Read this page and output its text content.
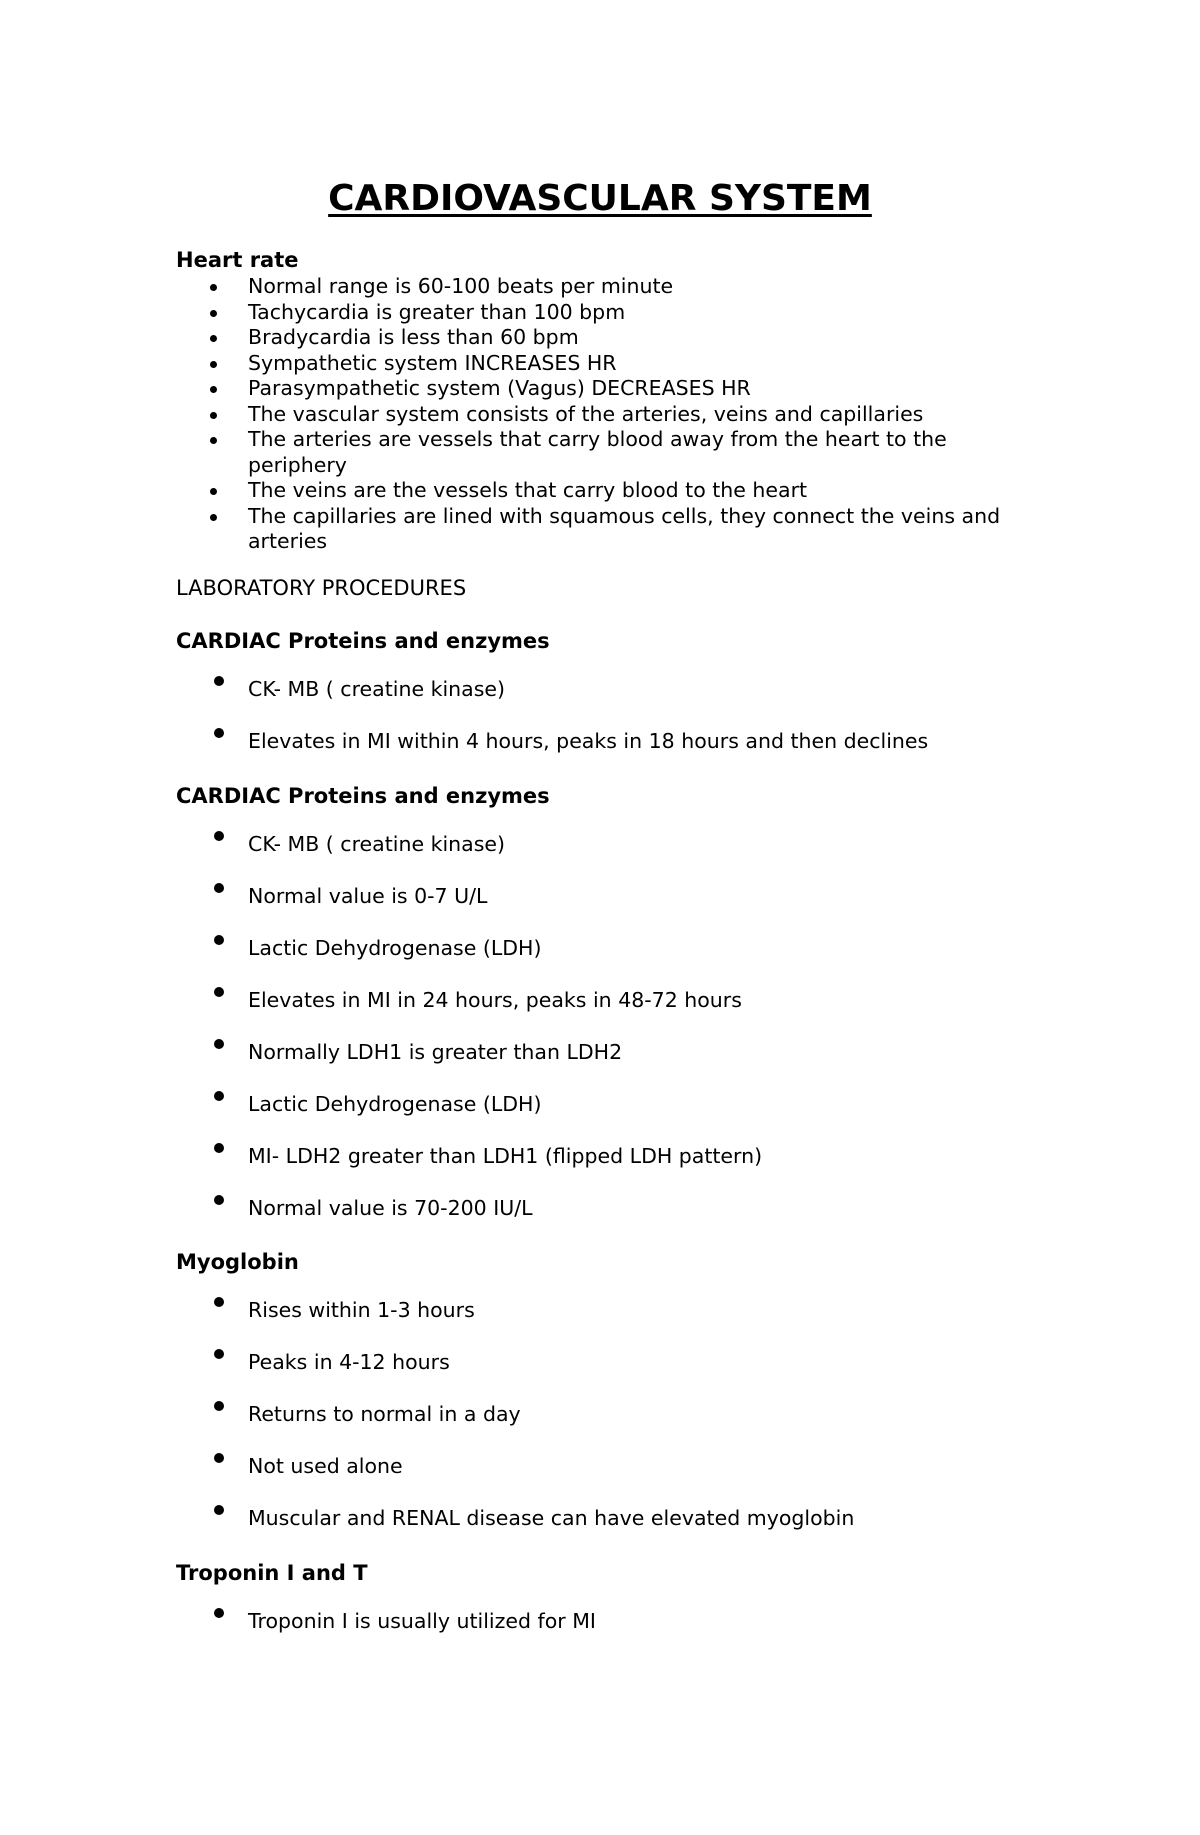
CARDIOVASCULAR SYSTEM
Heart rate
Normal range is 60-100 beats per minute
Tachycardia is greater than 100 bpm
Bradycardia is less than 60 bpm
Sympathetic system INCREASES HR
Parasympathetic system (Vagus) DECREASES HR
The vascular system consists of the arteries, veins and capillaries
The arteries are vessels that carry blood away from the heart to the periphery
The veins are the vessels that carry blood to the heart
The capillaries are lined with squamous cells, they connect the veins and arteries
LABORATORY PROCEDURES
CARDIAC Proteins and enzymes
CK- MB ( creatine kinase)
Elevates in MI within 4 hours, peaks in 18 hours and then declines
CARDIAC Proteins and enzymes
CK- MB ( creatine kinase)
Normal value is 0-7 U/L
Lactic Dehydrogenase (LDH)
Elevates in MI in 24 hours, peaks in 48-72 hours
Normally LDH1 is greater than LDH2
Lactic Dehydrogenase (LDH)
MI- LDH2 greater than LDH1 (flipped LDH pattern)
Normal value is 70-200 IU/L
Myoglobin
Rises within 1-3 hours
Peaks in 4-12 hours
Returns to normal in a day
Not used alone
Muscular and RENAL disease can have elevated myoglobin
Troponin I and T
Troponin I is usually utilized for MI
